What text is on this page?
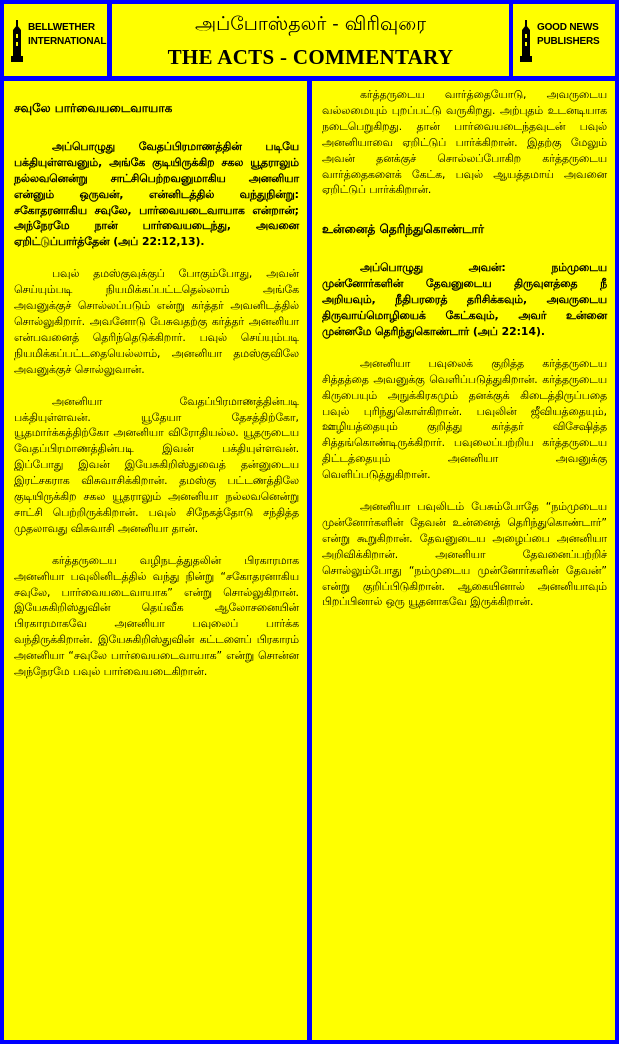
BELLWETHER
INTERNATIONAL
அப்போஸ்தலர் - விரிவுரை
THE ACTS - COMMENTARY
GOOD NEWS
PUBLISHERS

சவுலே பார்வையடைவாயாக

அப்பொழுது வேதப்பிரமாணத்தின் படியே பக்தியுள்ளவனும், அங்கே குடியிருக்கிற சகல யூதராலும் நல்லவனென்று சாட்சிபெற்றவனுமாகிய அனனியா என்னும் ஒருவன், என்னிடத்தில் வந்துநின்று: சகோதரனாகிய சவுலே, பார்வையடைவாயாக என்றான்; அந்நேரமே நான் பார்வையடைந்து, அவனை ஏறிட்டுப்பார்த்தேன் (அப் 22:12,13).

பவுல் தமஸ்குவுக்குப் போகும்போது, அவன் செய்யும்படி நியமிக்கப்பட்டதெல்லாம் அங்கே அவனுக்குச் சொல்லப்படும் என்று கர்த்தர் அவனிடத்தில் சொல்லுகிறார். அவனோடு பேசுவதற்கு கர்த்தர் அனனியா என்பவனைத் தெரிந்தெடுக்கிறார். பவுல் செய்யும்படி நியமிக்கப்பட்டதையெல்லாம், அனனியா தமஸ்குவிலே அவனுக்குச் சொல்லுவான்.

அனனியா வேதப்பிரமாணத்தின்படி பக்தியுள்ளவன். யூதேயா தேசத்திற்கோ, யூதமார்க்கத்திற்கோ அனனியா விரோதியல்ல. யூதருடைய வேதப்பிரமாணத்தின்படி இவன் பக்தியுள்ளவன். இப்போது இவன் இயேசுகிறிஸ்துவைத் தன்னுடைய இரட்சகராக விசுவாசிக்கிறான். தமஸ்கு பட்டணத்திலே குடியிருக்கிற சகல யூதராலும் அனனியா நல்லவனென்று சாட்சி பெற்றிருக்கிறான். பவுல் சிநேகத்தோடு சந்தித்த முதலாவது விசுவாசி அனனியா தான்.

கர்த்தருடைய வழிநடத்துதலின் பிரகாரமாக அனனியா பவுலினிடத்தில் வந்து நின்று “சகோதரனாகிய சவுலே, பார்வையடைவாயாக” என்று சொல்லுகிறான். இயேசுகிறிஸ்துவின் தெய்வீக ஆலோசனையின் பிரகாரமாகவே அனனியா பவுலைப் பார்க்க வந்திருக்கிறான். இயேசுகிறிஸ்துவின் கட்டளைப் பிரகாரம் அனனியா “சவுலே பார்வையடைவாயாக” என்று சொன்ன அந்நேரமே பவுல் பார்வையடைகிறான்.

கர்த்தருடைய வார்த்தையோடு, அவருடைய வல்லமையும் புறப்பட்டு வருகிறது. அற்புதம் உடனடியாக நடைபெறுகிறது. தான் பார்வையடைந்தவுடன் பவுல் அனனியாவை ஏறிட்டுப் பார்க்கிறான். இதற்கு மேலும் அவன் தனக்குச் சொல்லப்போகிற கர்த்தருடைய வார்த்தைகளைக் கேட்க, பவுல் ஆயத்தமாய் அவனை ஏறிட்டுப் பார்க்கிறான்.

உன்னைத் தெரிந்துகொண்டார்

அப்பொழுது அவன்: நம்முடைய முன்னோர்களின் தேவனுடைய திருவுளத்தை நீ அறியவும், நீதிபரரைத் தரிசிக்கவும், அவருடைய திருவாய்மொழியைக் கேட்கவும், அவர் உன்னை முன்னமே தெரிந்துகொண்டார் (அப் 22:14).

அனனியா பவுலைக் குறித்த கர்த்தருடைய சித்தத்தை அவனுக்கு வெளிப்படுத்துகிறான். கர்த்தருடைய கிருபையும் அநுக்கிரகமும் தனக்குக் கிடைத்திருப்பதை பவுல் புரிந்துகொள்கிறான். பவுலின் ஜீவியத்தையும், ஊழியத்தையும் குறித்து கர்த்தர் விசேஷித்த சித்தங்கொண்டிருக்கிறார். பவுலைப்பற்றிய கர்த்தருடைய திட்டத்தையும் அனனியா அவனுக்கு வெளிப்படுத்துகிறான்.

அனனியா பவுலிடம் பேசும்போதே “நம்முடைய முன்னோர்களின் தேவன் உன்னைத் தெரிந்துகொண்டார்” என்று கூறுகிறான். தேவனுடைய அழைப்பை அனனியா அறிவிக்கிறான். அனனியா தேவனைப்பற்றிச் சொல்லும்போது “நம்முடைய முன்னோர்களின் தேவன்” என்று குறிப்பிடுகிறான். ஆகையினால் அனனியாவும் பிறப்பினால் ஒரு யூதனாகவே இருக்கிறான்.
